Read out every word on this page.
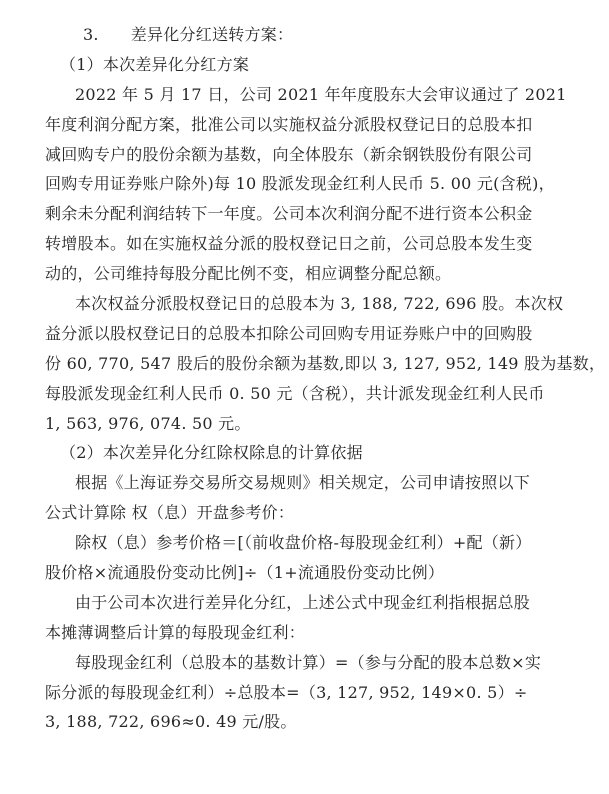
3.      差异化分红送转方案：
（1）本次差异化分红方案
2022 年 5 月 17 日，公司 2021 年年度股东大会审议通过了 2021
年度利润分配方案，批准公司以实施权益分派股权登记日的总股本扣
减回购专户的股份余额为基数，向全体股东（新余钢铁股份有限公司
回购专用证券账户除外)每 10 股派发现金红利人民币 5. 00 元(含税)，
剩余未分配利润结转下一年度。公司本次利润分配不进行资本公积金
转增股本。如在实施权益分派的股权登记日之前，公司总股本发生变
动的，公司维持每股分配比例不变，相应调整分配总额。
本次权益分派股权登记日的总股本为 3, 188, 722, 696 股。本次权
益分派以股权登记日的总股本扣除公司回购专用证券账户中的回购股
份 60, 770, 547 股后的股份余额为基数,即以 3, 127, 952, 149 股为基数，
每股派发现金红利人民币 0. 50 元（含税），共计派发现金红利人民币
1, 563, 976, 074. 50 元。
（2）本次差异化分红除权除息的计算依据
根据《上海证券交易所交易规则》相关规定，公司申请按照以下
公式计算除 权（息）开盘参考价：
除权（息）参考价格＝[（前收盘价格-每股现金红利）+配（新）
股价格×流通股份变动比例]÷（1+流通股份变动比例）
由于公司本次进行差异化分红，上述公式中现金红利指根据总股
本摊薄调整后计算的每股现金红利：
每股现金红利（总股本的基数计算）=（参与分配的股本总数×实
际分派的每股现金红利）÷总股本=（3, 127, 952, 149×0. 5）÷
3, 188, 722, 696≈0. 49 元/股。
